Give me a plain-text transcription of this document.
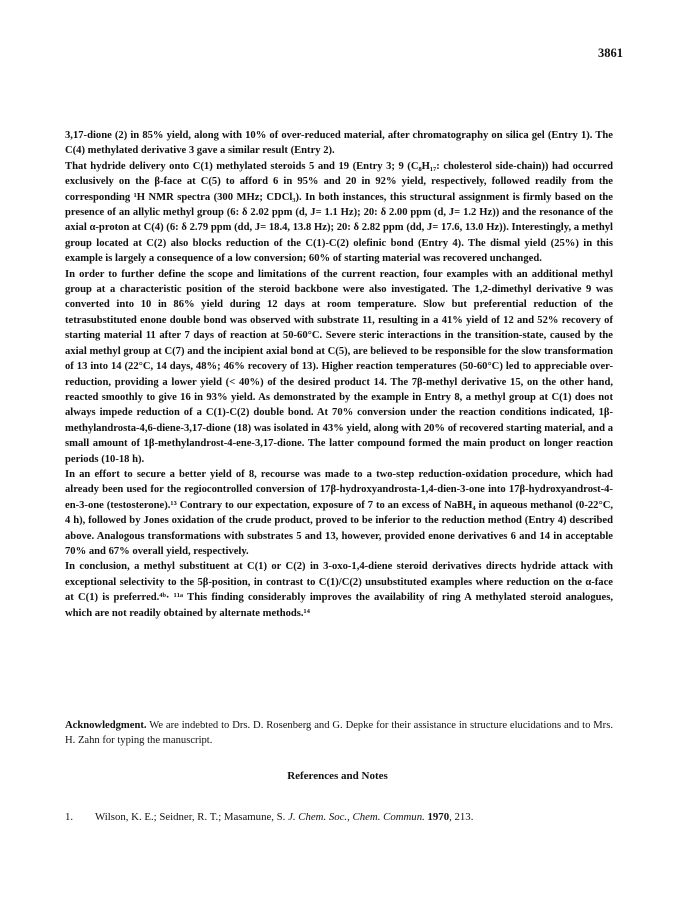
3861

3,17-dione (2) in 85% yield, along with 10% of over-reduced material, after chromatography on silica gel (Entry 1). The C(4) methylated derivative 3 gave a similar result (Entry 2).

That hydride delivery onto C(1) methylated steroids 5 and 19 (Entry 3; 9 (C₈H₁₇: cholesterol side-chain)) had occurred exclusively on the β-face at C(5) to afford 6 in 95% and 20 in 92% yield, respectively, followed readily from the corresponding ¹H NMR spectra (300 MHz; CDCl₃). In both instances, this structural assignment is firmly based on the presence of an allylic methyl group (6: δ 2.02 ppm (d, J= 1.1 Hz); 20: δ 2.00 ppm (d, J= 1.2 Hz)) and the resonance of the axial α-proton at C(4) (6: δ 2.79 ppm (dd, J= 18.4, 13.8 Hz); 20: δ 2.82 ppm (dd, J= 17.6, 13.0 Hz)). Interestingly, a methyl group located at C(2) also blocks reduction of the C(1)-C(2) olefinic bond (Entry 4). The dismal yield (25%) in this example is largely a consequence of a low conversion; 60% of starting material was recovered unchanged.

In order to further define the scope and limitations of the current reaction, four examples with an additional methyl group at a characteristic position of the steroid backbone were also investigated. The 1,2-dimethyl derivative 9 was converted into 10 in 86% yield during 12 days at room temperature. Slow but preferential reduction of the tetrasubstituted enone double bond was observed with substrate 11, resulting in a 41% yield of 12 and 52% recovery of starting material 11 after 7 days of reaction at 50-60°C. Severe steric interactions in the transition-state, caused by the axial methyl group at C(7) and the incipient axial bond at C(5), are believed to be responsible for the slow transformation of 13 into 14 (22°C, 14 days, 48%; 46% recovery of 13). Higher reaction temperatures (50-60°C) led to appreciable over-reduction, providing a lower yield (< 40%) of the desired product 14. The 7β-methyl derivative 15, on the other hand, reacted smoothly to give 16 in 93% yield. As demonstrated by the example in Entry 8, a methyl group at C(1) does not always impede reduction of a C(1)-C(2) double bond. At 70% conversion under the reaction conditions indicated, 1β-methylandrosta-4,6-diene-3,17-dione (18) was isolated in 43% yield, along with 20% of recovered starting material, and a small amount of 1β-methylandrost-4-ene-3,17-dione. The latter compound formed the main product on longer reaction periods (10-18 h).

In an effort to secure a better yield of 8, recourse was made to a two-step reduction-oxidation procedure, which had already been used for the regiocontrolled conversion of 17β-hydroxyandrosta-1,4-dien-3-one into 17β-hydroxyandrost-4-en-3-one (testosterone).¹³ Contrary to our expectation, exposure of 7 to an excess of NaBH₄ in aqueous methanol (0-22°C, 4 h), followed by Jones oxidation of the crude product, proved to be inferior to the reduction method (Entry 4) described above. Analogous transformations with substrates 5 and 13, however, provided enone derivatives 6 and 14 in acceptable 70% and 67% overall yield, respectively.

In conclusion, a methyl substituent at C(1) or C(2) in 3-oxo-1,4-diene steroid derivatives directs hydride attack with exceptional selectivity to the 5β-position, in contrast to C(1)/C(2) unsubstituted examples where reduction on the α-face at C(1) is preferred.⁴ᵇ· ¹¹ᵃ This finding considerably improves the availability of ring A methylated steroid analogues, which are not readily obtained by alternate methods.¹⁴

Acknowledgment. We are indebted to Drs. D. Rosenberg and G. Depke for their assistance in structure elucidations and to Mrs. H. Zahn for typing the manuscript.
References and Notes
1. Wilson, K. E.; Seidner, R. T.; Masamune, S. J. Chem. Soc., Chem. Commun. 1970, 213.
